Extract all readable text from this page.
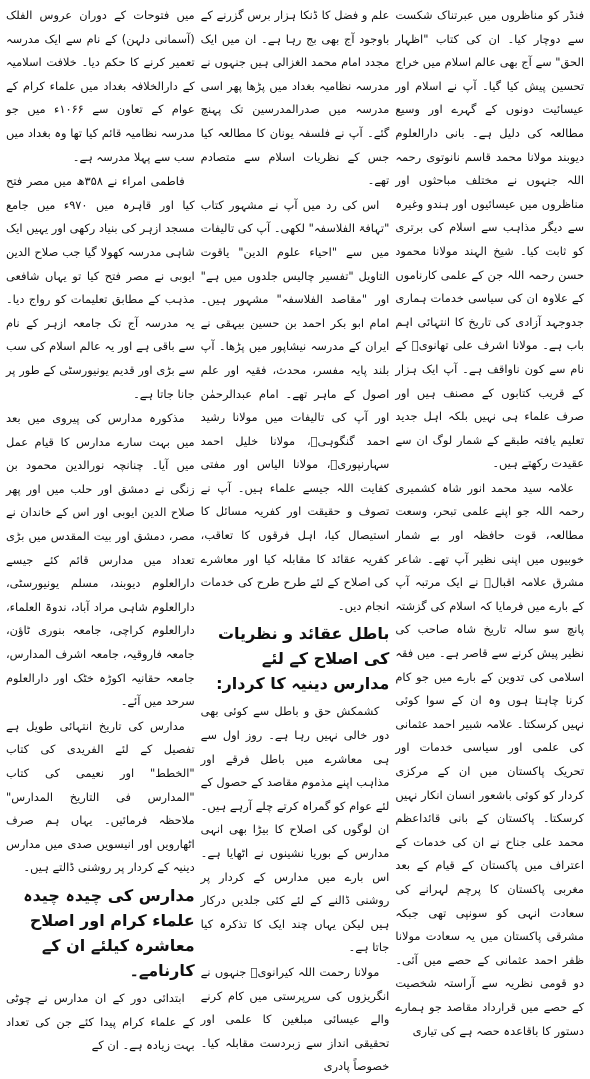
میں فتوحات کے دوران عروس الفلک (آسمانی دلہن) کے نام سے ایک مدرسہ تعمیر کرنے کا حکم دیا۔ خلافت اسلامیہ کے دارالخلافہ بغداد میں علماء کرام کے عوام کے تعاون سے ۱۰۶۶ء میں جو مدرسہ نظامیہ قائم کیا تھا وہ بغداد میں سب سے پہلا مدرسہ ہے۔

فاطمی امراء نے ۳۵۸ھ میں مصر فتح کیا اور قاہرہ میں ۹۷۰ء میں جامع مسجد ازہر کی بنیاد رکھی اور یہیں ایک شاہی مدرسہ کھولا گیا جب صلاح الدین ایوبی نے مصر فتح کیا تو یہاں شافعی مذہب کے مطابق تعلیمات کو رواج دیا۔ یہ مدرسہ آج تک جامعہ ازہر کے نام سے باقی ہے اور یہ عالم اسلام کی سب سے بڑی اور قدیم یونیورسٹی کے طور پر جانا جاتا ہے۔

مذکورہ مدارس کی پیروی میں بعد میں بہت سارے مدارس کا قیام عمل میں آیا۔ چنانچہ نورالدین محمود بن زنگی نے دمشق اور حلب میں اور پھر صلاح الدین ایوبی اور اس کے خاندان نے مصر، دمشق اور بیت المقدس میں بڑی تعداد میں مدارس قائم کئے جیسے دارالعلوم دیوبند، مسلم یونیورسٹی، دارالعلوم شاہی مراد آباد، ندوۃ العلماء، دارالعلوم کراچی، جامعہ بنوری ٹاؤن، جامعہ فاروقیہ، جامعہ اشرف المدارس، جامعہ حقانیہ اکوڑہ خٹک اور دارالعلوم سرحد میں آئے۔

مدارس کی تاریخ انتہائی طویل ہے تفصیل کے لئے الفریدی کی کتاب "الخطط" اور نعیمی کی کتاب "المدارس فی التاریخ المدارس" ملاحظہ فرمائیں۔ یہاں ہم صرف اٹھارویں اور انیسویں صدی میں مدارس دینیہ کے کردار پر روشنی ڈالتے ہیں۔

مدارس کی چیدہ چیدہ علماء کرام اور اصلاح معاشرہ کیلئے ان کے کارنامے۔

ابتدائی دور کے ان مدارس نے چوٹی کے علماء کرام پیدا کئے جن کی تعداد بہت زیادہ ہے۔ ان کے

علم و فضل کا ڈنکا ہزار برس گزرنے کے باوجود آج بھی بج رہا ہے۔ ان میں ایک مجدد امام محمد الغزالی ہیں جنہوں نے مدرسہ نظامیہ بغداد میں پڑھا پھر اسی مدرسہ میں صدرالمدرسین تک پہنچ گئے۔ آپ نے فلسفہ یونان کا مطالعہ کیا جس کے نظریات اسلام سے متصادم تھے۔

اس کی رد میں آپ نے مشہور کتاب "تہافۃ الفلاسفہ" لکھی۔ آپ کی تالیفات میں سے "احیاء علوم الدین" یاقوت التاویل "تفسیر چالیس جلدوں میں ہے" اور "مقاصد الفلاسفہ" مشہور ہیں۔ امام ابو بکر احمد بن حسین بیہقی نے ایران کے مدرسہ نیشاپور میں پڑھا۔ آپ بلند پایہ مفسر، محدث، فقیہ اور علم اصول کے ماہر تھے۔ امام عبدالرحمٰن اور آپ کی تالیفات میں مولانا رشید احمد گنگوہیؒ، مولانا خلیل احمد سہارنپوریؒ، مولانا الیاس اور مفتی کفایت اللہ جیسے علماء ہیں۔ آپ نے تصوف و حقیقت اور کفریہ مسائل کا استیصال کیا، اہل فرقوں کا تعاقب، کفریہ عقائد کا مقابلہ کیا اور معاشرے کی اصلاح کے لئے طرح طرح کی خدمات انجام دیں۔

باطل عقائد و نظریات کی اصلاح کے لئے مدارس دینیہ کا کردار:

کشمکش حق و باطل سے کوئی بھی دور خالی نہیں رہا ہے۔ روز اول سے ہی معاشرے میں باطل فرقے اور مذاہب اپنے مذموم مقاصد کے حصول کے لئے عوام کو گمراہ کرتے چلے آرہے ہیں۔ ان لوگوں کی اصلاح کا بیڑا بھی انہی مدارس کے بوریا نشینوں نے اٹھایا ہے۔ اس بارے میں مدارس کے کردار پر روشنی ڈالنے کے لئے کئی جلدیں درکار ہیں لیکن یہاں چند ایک کا تذکرہ کیا جاتا ہے۔

مولانا رحمت اللہ کیرانویؒ جنہوں نے انگریزوں کی سرپرستی میں کام کرنے والے عیسائی مبلغین کا علمی اور تحقیقی انداز سے زبردست مقابلہ کیا۔ خصوصاً پادری

فنڈر کو مناظروں میں عبرتناک شکست سے دوچار کیا۔ ان کی کتاب "اظہار الحق" سے آج بھی عالم اسلام میں خراج تحسین پیش کیا گیا۔ آپ نے اسلام اور عیسائیت دونوں کے گہرے اور وسیع مطالعہ کی دلیل ہے۔ بانی دارالعلوم دیوبند مولانا محمد قاسم نانوتوی رحمہ اللہ جنہوں نے مختلف مباحثوں اور مناظروں میں عیسائیوں اور ہندو وغیرہ سے دیگر مذاہب سے اسلام کی برتری کو ثابت کیا۔ شیخ الہند مولانا محمود حسن رحمہ اللہ جن کے علمی کارناموں کے علاوہ ان کی سیاسی خدمات ہماری جدوجہد آزادی کی تاریخ کا انتہائی اہم باب ہے۔ مولانا اشرف علی تھانویؒ کے نام سے کون ناواقف ہے۔ آپ ایک ہزار کے قریب کتابوں کے مصنف ہیں اور صرف علماء ہی نہیں بلکہ اہل جدید تعلیم یافتہ طبقے کے شمار لوگ ان سے عقیدت رکھتے ہیں۔

علامہ سید محمد انور شاہ کشمیری رحمہ اللہ جو اپنے علمی تبحر، وسعت مطالعہ، قوت حافظہ اور بے شمار خوبیوں میں اپنی نظیر آپ تھے۔ شاعر مشرق علامہ اقبالؒ نے ایک مرتبہ آپ کے بارے میں فرمایا کہ اسلام کی گزشتہ پانچ سو سالہ تاریخ شاہ صاحب کی نظیر پیش کرنے سے قاصر ہے۔ میں فقہ اسلامی کی تدوین کے بارے میں جو کام کرنا چاہتا ہوں وہ ان کے سوا کوئی نہیں کرسکتا۔ علامہ شبیر احمد عثمانی کی علمی اور سیاسی خدمات اور تحریک پاکستان میں ان کے مرکزی کردار کو کوئی باشعور انسان انکار نہیں کرسکتا۔ پاکستان کے بانی قائداعظم محمد علی جناح نے ان کی خدمات کے اعتراف میں پاکستان کے قیام کے بعد مغربی پاکستان کا پرچم لہرانے کی سعادت انہی کو سونپی تھی جبکہ مشرقی پاکستان میں یہ سعادت مولانا ظفر احمد عثمانی کے حصے میں آئی۔ دو قومی نظریہ سے آراستہ شخصیت کے حصے میں قرارداد مقاصد جو ہمارے دستور کا باقاعدہ حصہ ہے کی تیاری
